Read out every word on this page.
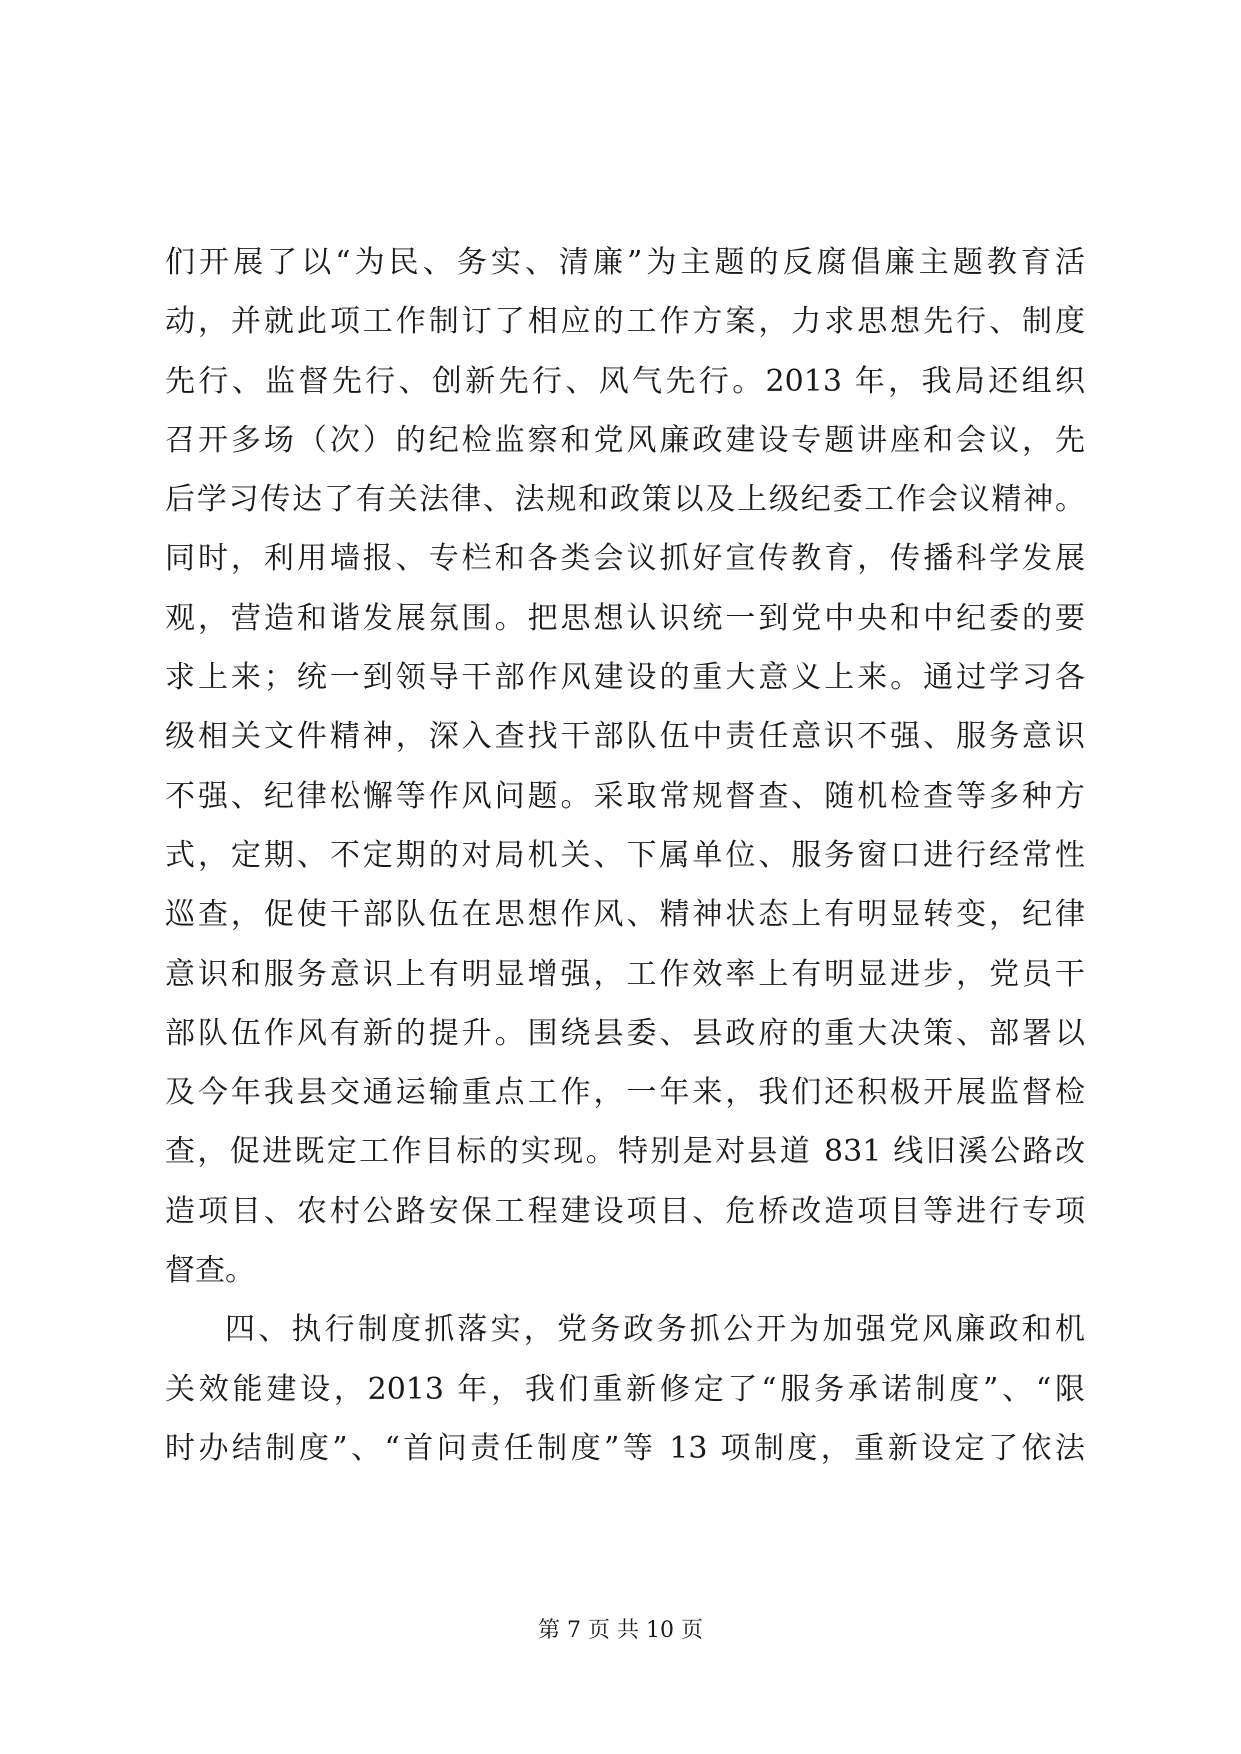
们开展了以“为民、务实、清廉”为主题的反腐倡廉主题教育活
动，并就此项工作制订了相应的工作方案，力求思想先行、制度
先行、监督先行、创新先行、风气先行。2013 年，我局还组织
召开多场（次）的纪检监察和党风廉政建设专题讲座和会议，先
后学习传达了有关法律、法规和政策以及上级纪委工作会议精神。
同时，利用墙报、专栏和各类会议抓好宣传教育，传播科学发展
观，营造和谐发展氛围。把思想认识统一到党中央和中纪委的要
求上来；统一到领导干部作风建设的重大意义上来。通过学习各
级相关文件精神，深入查找干部队伍中责任意识不强、服务意识
不强、纪律松懈等作风问题。采取常规督查、随机检查等多种方
式，定期、不定期的对局机关、下属单位、服务窗口进行经常性
巡查，促使干部队伍在思想作风、精神状态上有明显转变，纪律
意识和服务意识上有明显增强，工作效率上有明显进步，党员干
部队伍作风有新的提升。围绕县委、县政府的重大决策、部署以
及今年我县交通运输重点工作，一年来，我们还积极开展监督检
查，促进既定工作目标的实现。特别是对县道 831 线旧溪公路改
造项目、农村公路安保工程建设项目、危桥改造项目等进行专项
督查。
四、执行制度抓落实，党务政务抓公开为加强党风廉政和机
关效能建设，2013 年，我们重新修定了“服务承诺制度”、“限
时办结制度”、“首问责任制度”等 13 项制度，重新设定了依法
第 7 页 共 10 页
